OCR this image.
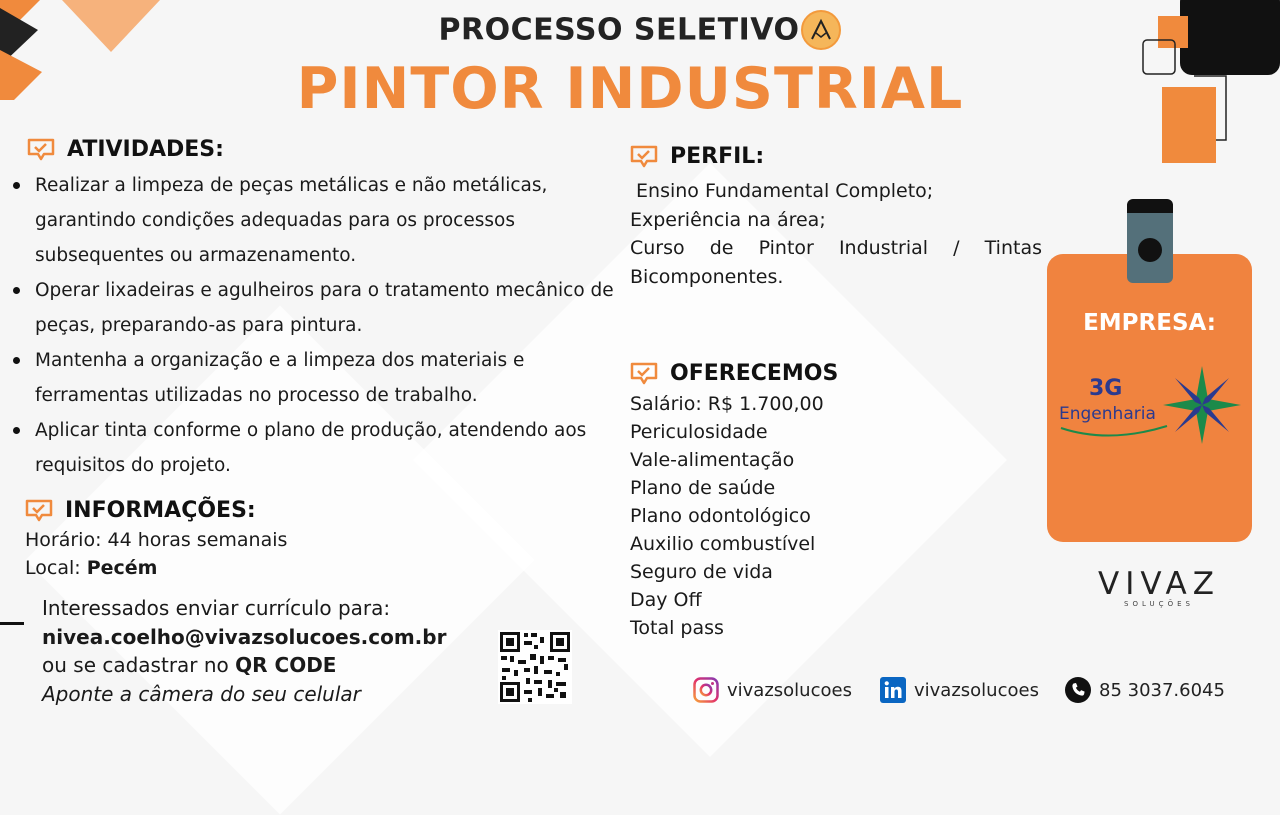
PROCESSO SELETIVO
PINTOR INDUSTRIAL
ATIVIDADES:
Realizar a limpeza de peças metálicas e não metálicas, garantindo condições adequadas para os processos subsequentes ou armazenamento.
Operar lixadeiras e agulheiros para o tratamento mecânico de peças, preparando-as para pintura.
Mantenha a organização e a limpeza dos materiais e ferramentas utilizadas no processo de trabalho.
Aplicar tinta conforme o plano de produção, atendendo aos requisitos do projeto.
INFORMAÇÕES:
Horário: 44 horas semanais
Local: Pecém
Interessados enviar currículo para:
nivea.coelho@vivazsolucoes.com.br
ou se cadastrar no QR CODE
Aponte a câmera do seu celular
PERFIL:
Ensino Fundamental Completo;
Experiência na área;
Curso de Pintor Industrial / Tintas Bicomponentes.
OFERECEMOS
Salário: R$ 1.700,00
Periculosidade
Vale-alimentação
Plano de saúde
Plano odontológico
Auxilio combustível
Seguro de vida
Day Off
Total pass
EMPRESA:
3G
Engenharia
VIVAZ
SOLUÇÕES
vivazsolucoes	vivazsolucoes	85 3037.6045
